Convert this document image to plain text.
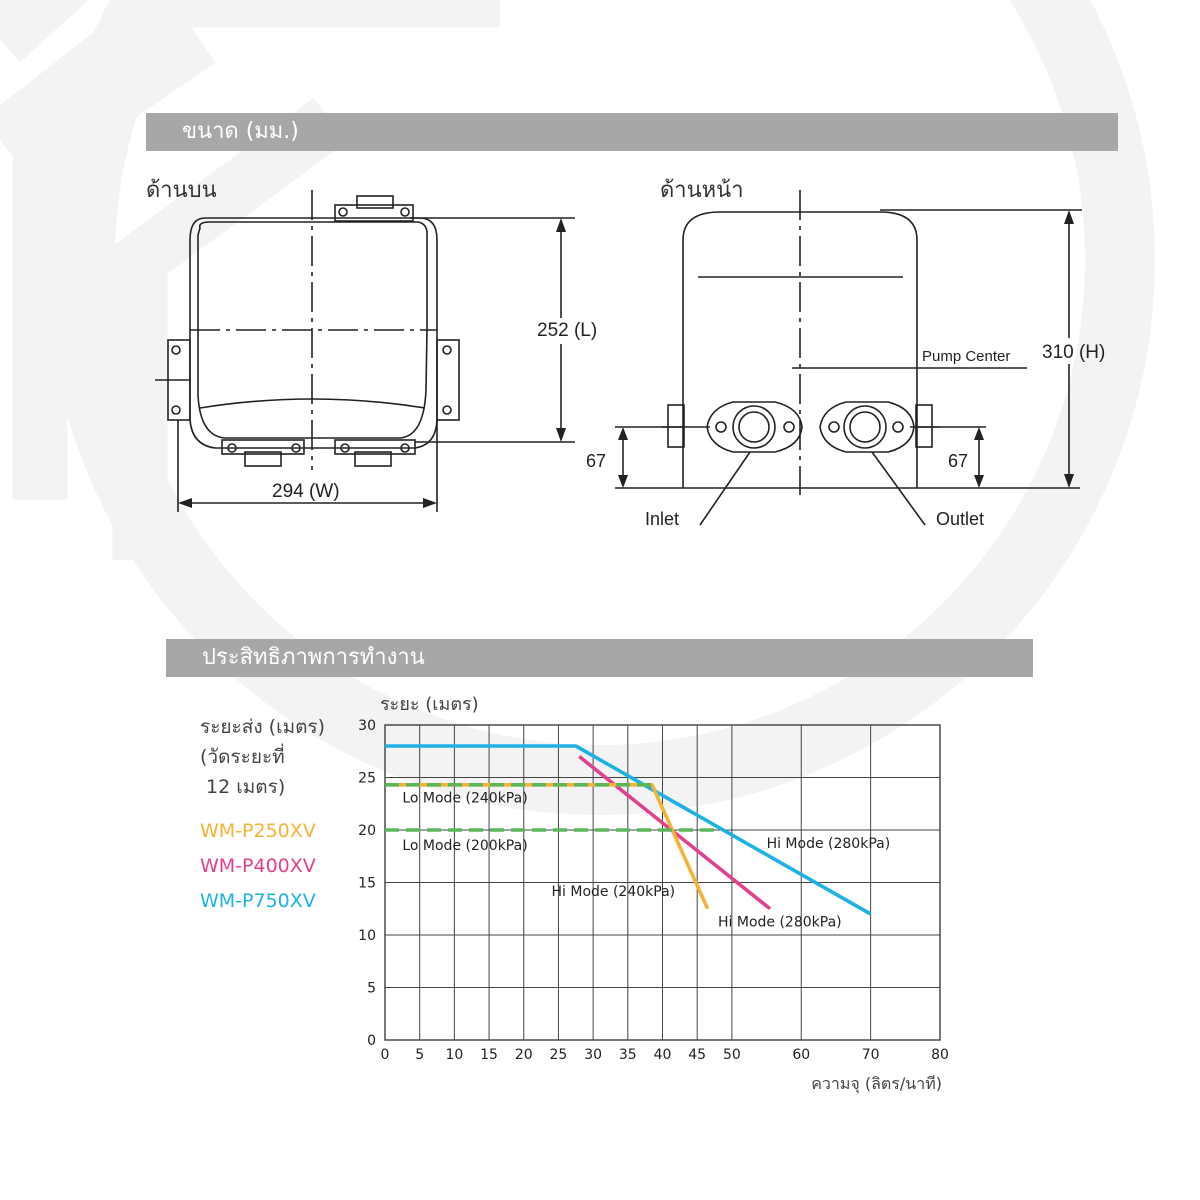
ขนาด (มม.)
ด้านบน	ด้านหน้า
252 (L)
294 (W)
310 (H)
Pump Center
67	67
Inlet	Outlet
ประสิทธิภาพการทำงาน
ระยะส่ง (เมตร)
(วัดระยะที่
12 เมตร)
WM-P250XV
WM-P400XV
WM-P750XV
0 5 10 15 20 25 30 35 40 45 50	60	70	80
0
5
10
15
20
25
30
Lo Mode (240kPa)
Lo Mode (200kPa)	Hi Mode (280kPa)
Hi Mode (240kPa)
Hi Mode (280kPa)
ระยะ (เมตร)
ความจุ (ลิตร/นาที)
